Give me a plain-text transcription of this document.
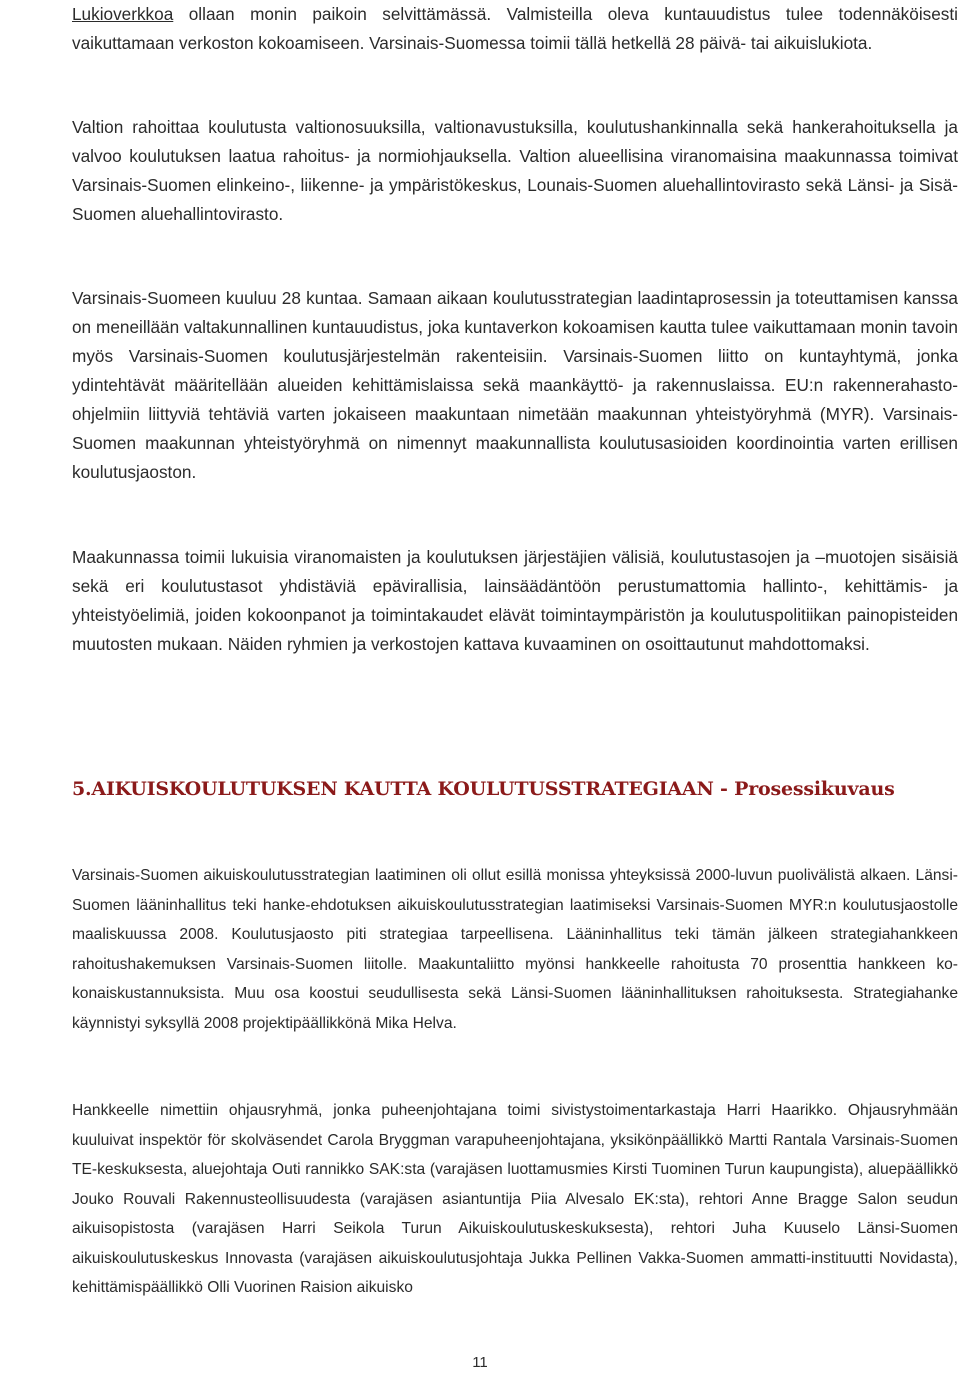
Lukioverkkoa ollaan monin paikoin selvittämässä. Valmisteilla oleva kuntauudistus tulee todennäköisesti vaikuttamaan verkoston kokoamiseen. Varsinais-Suomessa toimii tällä hetkellä 28 päivä- tai aikuislukiota.

Valtion rahoittaa koulutusta valtionosuuksilla, valtionavustuksilla, koulutushankinnalla sekä hankerahoituksella ja valvoo koulutuksen laatua rahoitus- ja normiohjauksella. Valtion alueellisina viranomaisina maakunnassa toimivat Varsinais-Suomen elinkeino-, liikenne- ja ympäristökeskus, Lounais-Suomen aluehallintovirasto sekä Länsi- ja Sisä-Suomen aluehallintovirasto.

Varsinais-Suomeen kuuluu 28 kuntaa. Samaan aikaan koulutusstrategian laadintaprosessin ja toteuttamisen kanssa on meneillään valtakunnallinen kuntauudistus, joka kuntaverkon kokoamisen kautta tulee vaikuttamaan monin tavoin myös Varsinais-Suomen koulutusjärjestelmän rakenteisiin. Varsinais-Suomen liitto on kuntayhtymä, jonka ydintehtävät määritellään alueiden kehittämislaissa sekä maankäyttö- ja rakennuslaissa. EU:n rakennerahastoohjelmiin liittyviä tehtäviä varten jokaiseen maakuntaan nimetään maakunnan yhteistyöryhmä (MYR). Varsinais-Suomen maakunnan yhteistyöryhmä on nimennyt maakunnallista koulutusasioiden koordinointia varten erillisen koulutusjaoston.

Maakunnassa toimii lukuisia viranomaisten ja koulutuksen järjestäjien välisiä, koulutustasojen ja –muotojen sisäisiä sekä eri koulutustasot yhdistäviä epävirallisia, lainsäädäntöön perustumattomia hallinto-, kehittämis- ja yhteistyöelimiä, joiden kokoonpanot ja toimintakaudet elävät toimintaympäristön ja koulutuspolitiikan painopisteiden muutosten mukaan. Näiden ryhmien ja verkostojen kattava kuvaaminen on osoittautunut mahdottomaksi.

5.AIKUISKOULUTUKSEN KAUTTA KOULUTUSSTRATEGIAAN - Prosessikuvaus

Varsinais-Suomen aikuiskoulutusstrategian laatiminen oli ollut esillä monissa yhteyksissä 2000-luvun puolivälistä alkaen. Länsi-Suomen lääninhallitus teki hanke-ehdotuksen aikuiskoulutusstrategian laatimiseksi Varsinais-Suomen MYR:n koulutusjaostolle maaliskuussa 2008. Koulutusjaosto piti strategiaa tarpeellisena. Lääninhallitus teki tämän jälkeen strategiahankkeen rahoitushakemuksen Varsinais-Suomen liitolle. Maakuntaliitto myönsi hankkeelle rahoitusta 70 prosenttia hankkeen kokonaiskustannuksista. Muu osa koostui seudullisesta sekä Länsi-Suomen lääninhallituksen rahoituksesta. Strategiahanke käynnistyi syksyllä 2008 projektipäällikkönä Mika Helva.

Hankkeelle nimettiin ohjausryhmä, jonka puheenjohtajana toimi sivistystoimentarkastaja Harri Haarikko. Ohjausryhmään kuuluivat inspektör för skolväsendet Carola Bryggman varapuheenjohtajana, yksikönpäällikkö Martti Rantala Varsinais-Suomen TE-keskuksesta, aluejohtaja Outi rannikko SAK:sta (varajäsen luottamusmies Kirsti Tuominen Turun kaupungista), aluepäällikkö Jouko Rouvali Rakennusteollisuudesta (varajäsen asiantuntija Piia Alvesalo EK:sta), rehtori Anne Bragge Salon seudun aikuisopistosta (varajäsen Harri Seikola Turun Aikuiskoulutuskeskuksesta), rehtori Juha Kuuselo Länsi-Suomen aikuiskoulutuskeskus Innovasta (varajäsen aikuiskoulutusjohtaja Jukka Pellinen Vakka-Suomen ammatti-instituutti Novidasta), kehittämispäällikkö Olli Vuorinen Raision aikuisko

11
